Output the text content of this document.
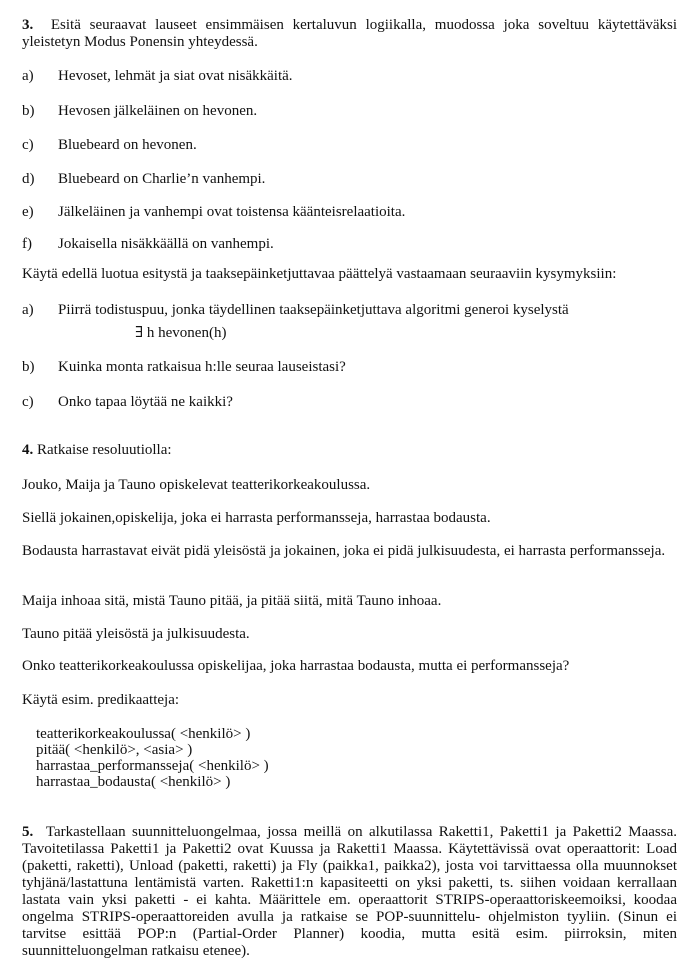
3. Esitä seuraavat lauseet ensimmäisen kertaluvun logiikalla, muodossa joka soveltuu käytettäväksi yleistetyn Modus Ponensin yhteydessä.
a) Hevoset, lehmät ja siat ovat nisäkkäitä.
b) Hevosen jälkeläinen on hevonen.
c) Bluebeard on hevonen.
d) Bluebeard on Charlie’n vanhempi.
e) Jälkeläinen ja vanhempi ovat toistensa käänteisrelaatioita.
f) Jokaisella nisäkkäällä on vanhempi.
Käytä edellä luotua esitystä ja taaksepäinketjuttavaa päättelyä vastaamaan seuraaviin kysymyksiin:
a) Piirrä todistuspuu, jonka täydellinen taaksepäinketjuttava algoritmi generoi kyselystä
∃ h hevonen(h)
b) Kuinka monta ratkaisua h:lle seuraa lauseistasi?
c) Onko tapaa löytää ne kaikki?
4. Ratkaise resoluutiolla:
Jouko, Maija ja Tauno opiskelevat teatterikorkeakoulussa.
Siellä jokainen,opiskelija, joka ei harrasta performansseja, harrastaa bodausta.
Bodausta harrastavat eivät pidä yleisöstä ja jokainen, joka ei pidä julkisuudesta, ei harrasta performansseja.
Maija inhoaa sitä, mistä Tauno pitää, ja pitää siitä, mitä Tauno inhoaa.
Tauno pitää yleisöstä ja julkisuudesta.
Onko teatterikorkeakoulussa opiskelijaa, joka harrastaa bodausta, mutta ei performansseja?
Käytä esim. predikaatteja:
teatterikorkeakoulussa( <henkilö> )
pitää( <henkilö>, <asia> )
harrastaa_performansseja( <henkilö> )
harrastaa_bodausta( <henkilö> )
5. Tarkastellaan suunnitteluongelmaa, jossa meillä on alkutilassa Raketti1, Paketti1 ja Paketti2 Maassa. Tavoitetilassa Paketti1 ja Paketti2 ovat Kuussa ja Raketti1 Maassa. Käytettävissä ovat operaattorit: Load (paketti, raketti), Unload (paketti, raketti) ja Fly (paikka1, paikka2), josta voi tarvittaessa olla muunnokset tyhjänä/lastattuna lentämistä varten. Raketti1:n kapasiteetti on yksi paketti, ts. siihen voidaan kerrallaan lastata vain yksi paketti - ei kahta. Määrittele em. operaattorit STRIPS-operaattoriskeemoiksi, koodaa ongelma STRIPS-operaattoreiden avulla ja ratkaise se POP-suunnittelu- ohjelmiston tyyliin. (Sinun ei tarvitse esittää POP:n (Partial-Order Planner) koodia, mutta esitä esim. piirroksin, miten suunnitteluongelman ratkaisu etenee).
